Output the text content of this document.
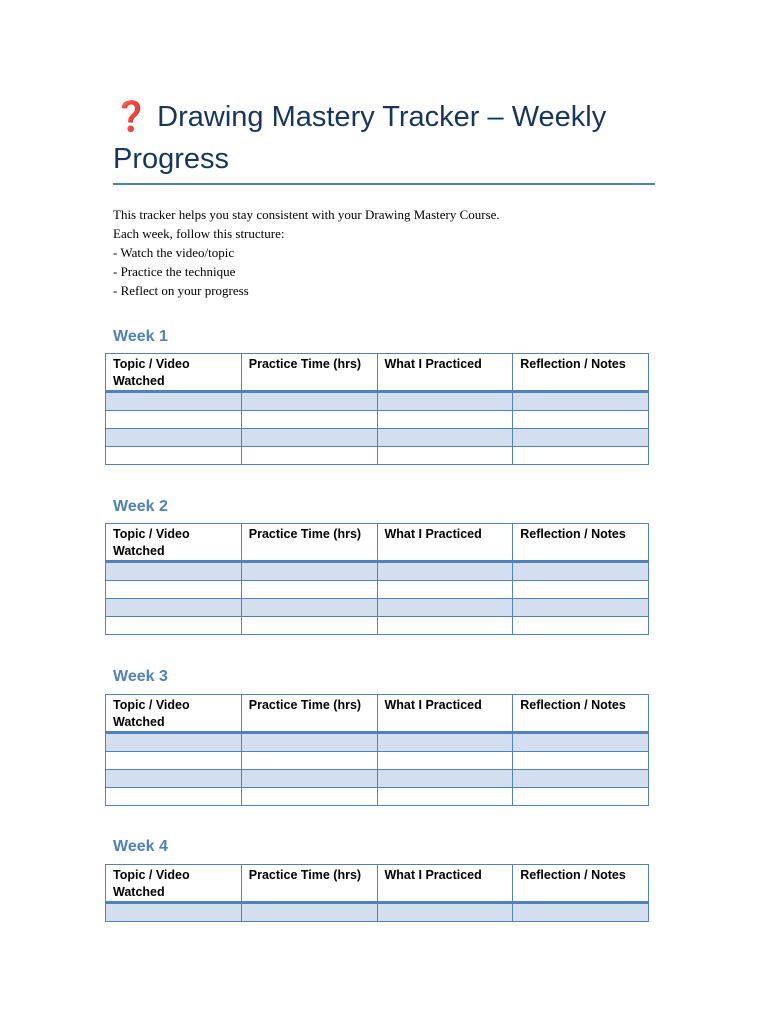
❓ Drawing Mastery Tracker – Weekly Progress
This tracker helps you stay consistent with your Drawing Mastery Course.
Each week, follow this structure:
- Watch the video/topic
- Practice the technique
- Reflect on your progress
Week 1
Topic / Video Watched	Practice Time (hrs)	What I Practiced	Reflection / Notes

Week 2
Topic / Video Watched	Practice Time (hrs)	What I Practiced	Reflection / Notes

Week 3
Topic / Video Watched	Practice Time (hrs)	What I Practiced	Reflection / Notes

Week 4
Topic / Video Watched	Practice Time (hrs)	What I Practiced	Reflection / Notes
